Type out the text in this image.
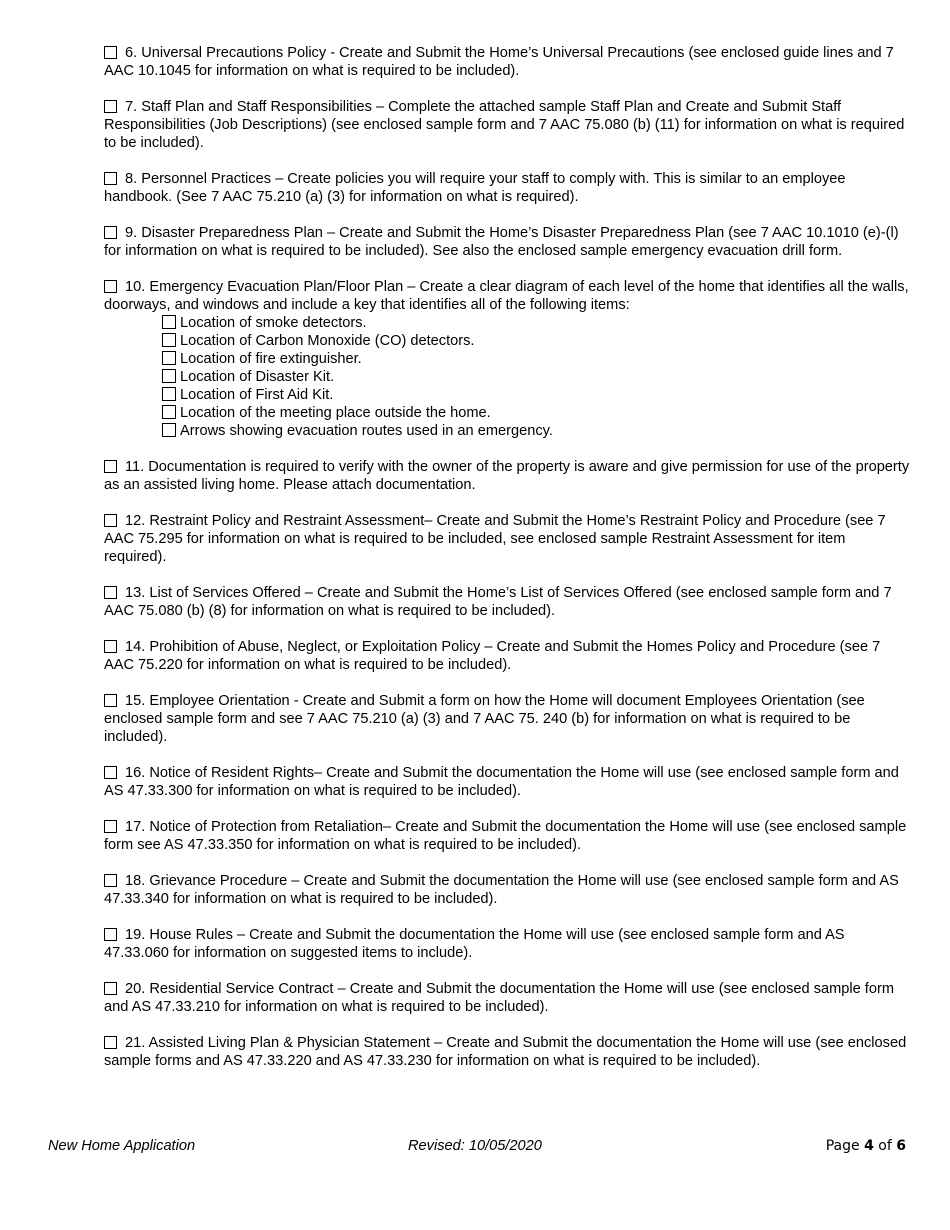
6. Universal Precautions Policy - Create and Submit the Home’s Universal Precautions (see enclosed guide lines and 7 AAC 10.1045 for information on what is required to be included).
7. Staff Plan and Staff Responsibilities – Complete the attached sample Staff Plan and Create and Submit Staff Responsibilities (Job Descriptions) (see enclosed sample form and 7 AAC 75.080 (b) (11) for information on what is required to be included).
8. Personnel Practices – Create policies you will require your staff to comply with. This is similar to an employee handbook. (See 7 AAC 75.210 (a) (3) for information on what is required).
9. Disaster Preparedness Plan – Create and Submit the Home’s Disaster Preparedness Plan (see 7 AAC 10.1010 (e)-(l) for information on what is required to be included). See also the enclosed sample emergency evacuation drill form.
10. Emergency Evacuation Plan/Floor Plan – Create a clear diagram of each level of the home that identifies all the walls, doorways, and windows and include a key that identifies all of the following items:
Location of smoke detectors.
Location of Carbon Monoxide (CO) detectors.
Location of fire extinguisher.
Location of Disaster Kit.
Location of First Aid Kit.
Location of the meeting place outside the home.
Arrows showing evacuation routes used in an emergency.
11. Documentation is required to verify with the owner of the property is aware and give permission for use of the property as an assisted living home. Please attach documentation.
12. Restraint Policy and Restraint Assessment– Create and Submit the Home’s Restraint Policy and Procedure (see 7 AAC 75.295 for information on what is required to be included, see enclosed sample Restraint Assessment for item required).
13. List of Services Offered – Create and Submit the Home’s List of Services Offered (see enclosed sample form and 7 AAC 75.080 (b) (8) for information on what is required to be included).
14. Prohibition of Abuse, Neglect, or Exploitation Policy – Create and Submit the Homes Policy and Procedure (see 7 AAC 75.220 for information on what is required to be included).
15. Employee Orientation - Create and Submit a form on how the Home will document Employees Orientation (see enclosed sample form and see 7 AAC 75.210 (a) (3) and 7 AAC 75. 240 (b) for information on what is required to be included).
16. Notice of Resident Rights– Create and Submit the documentation the Home will use (see enclosed sample form and AS 47.33.300 for information on what is required to be included).
17. Notice of Protection from Retaliation– Create and Submit the documentation the Home will use (see enclosed sample form see AS 47.33.350 for information on what is required to be included).
18. Grievance Procedure – Create and Submit the documentation the Home will use (see enclosed sample form and AS 47.33.340 for information on what is required to be included).
19. House Rules – Create and Submit the documentation the Home will use (see enclosed sample form and AS 47.33.060 for information on suggested items to include).
20. Residential Service Contract – Create and Submit the documentation the Home will use (see enclosed sample form and AS 47.33.210 for information on what is required to be included).
21. Assisted Living Plan & Physician Statement – Create and Submit the documentation the Home will use (see enclosed sample forms and AS 47.33.220 and AS 47.33.230 for information on what is required to be included).
New Home Application	Revised: 10/05/2020	Page 4 of 6
